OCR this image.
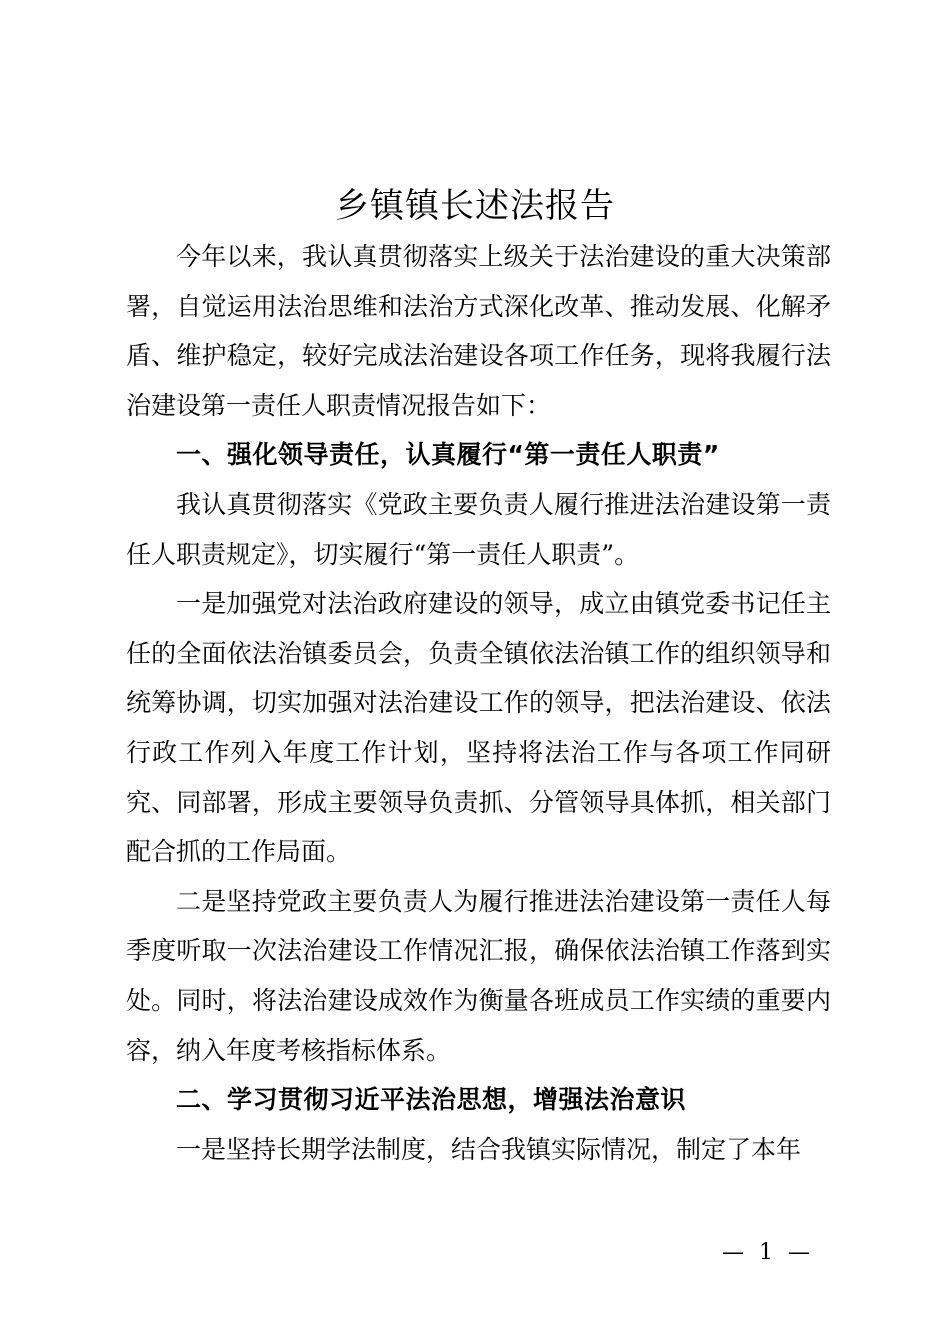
乡镇镇长述法报告

今年以来，我认真贯彻落实上级关于法治建设的重大决策部署，自觉运用法治思维和法治方式深化改革、推动发展、化解矛盾、维护稳定，较好完成法治建设各项工作任务，现将我履行法治建设第一责任人职责情况报告如下：

一、强化领导责任，认真履行“第一责任人职责”

我认真贯彻落实《党政主要负责人履行推进法治建设第一责任人职责规定》，切实履行“第一责任人职责”。

一是加强党对法治政府建设的领导，成立由镇党委书记任主任的全面依法治镇委员会，负责全镇依法治镇工作的组织领导和统筹协调，切实加强对法治建设工作的领导，把法治建设、依法行政工作列入年度工作计划，坚持将法治工作与各项工作同研究、同部署，形成主要领导负责抓、分管领导具体抓，相关部门配合抓的工作局面。

二是坚持党政主要负责人为履行推进法治建设第一责任人每季度听取一次法治建设工作情况汇报，确保依法治镇工作落到实处。同时，将法治建设成效作为衡量各班成员工作实绩的重要内容，纳入年度考核指标体系。

二、学习贯彻习近平法治思想，增强法治意识

一是坚持长期学法制度，结合我镇实际情况，制定了本年

— 1 —
